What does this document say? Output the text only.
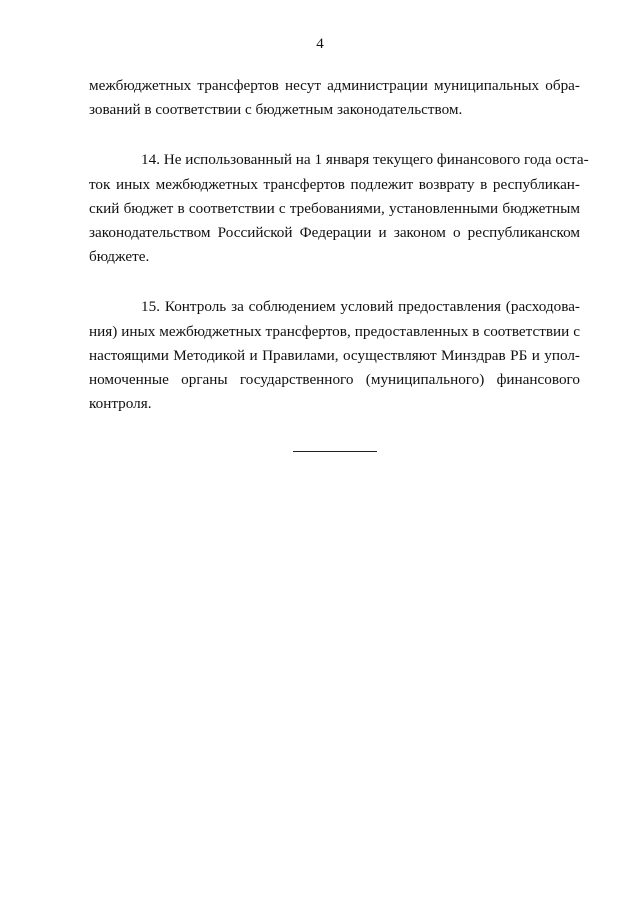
4
межбюджетных трансфертов несут администрации муниципальных обра-
зований в соответствии с бюджетным законодательством.
14. Не использованный на 1 января текущего финансового года оста-
ток иных межбюджетных трансфертов подлежит возврату в республикан-
ский бюджет в соответствии с требованиями, установленными бюджетным
законодательством Российской Федерации и законом о республиканском
бюджете.
15. Контроль за соблюдением условий предоставления (расходова-
ния) иных межбюджетных трансфертов, предоставленных в соответствии с
настоящими Методикой и Правилами, осуществляют Минздрав РБ и упол-
номоченные органы государственного (муниципального) финансового
контроля.
